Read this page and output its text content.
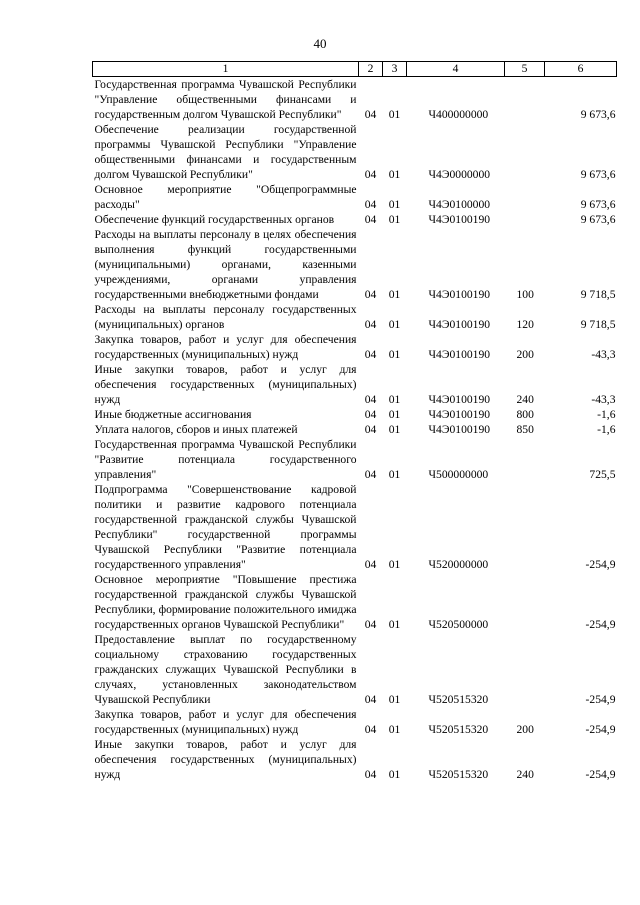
40
1	2	3	4	5	6
Государственная программа Чувашской Республики "Управление общественными финансами и государственным долгом Чувашской Республики"	04	01	Ч400000000		9 673,6
Обеспечение реализации государственной программы Чувашской Республики "Управление общественными финансами и государственным долгом Чувашской Республики"	04	01	Ч4Э0000000		9 673,6
Основное мероприятие "Общепрограммные расходы"	04	01	Ч4Э0100000		9 673,6
Обеспечение функций государственных органов	04	01	Ч4Э0100190		9 673,6
Расходы на выплаты персоналу в целях обеспечения выполнения функций государственными (муниципальными) органами, казенными учреждениями, органами управления государственными внебюджетными фондами	04	01	Ч4Э0100190	100	9 718,5
Расходы на выплаты персоналу государственных (муниципальных) органов	04	01	Ч4Э0100190	120	9 718,5
Закупка товаров, работ и услуг для обеспечения государственных (муниципальных) нужд	04	01	Ч4Э0100190	200	-43,3
Иные закупки товаров, работ и услуг для обеспечения государственных (муниципальных) нужд	04	01	Ч4Э0100190	240	-43,3
Иные бюджетные ассигнования	04	01	Ч4Э0100190	800	-1,6
Уплата налогов, сборов и иных платежей	04	01	Ч4Э0100190	850	-1,6
Государственная программа Чувашской Республики "Развитие потенциала государственного управления"	04	01	Ч500000000		725,5
Подпрограмма "Совершенствование кадровой политики и развитие кадрового потенциала государственной гражданской службы Чувашской Республики" государственной программы Чувашской Республики "Развитие потенциала государственного управления"	04	01	Ч520000000		-254,9
Основное мероприятие "Повышение престижа государственной гражданской службы Чувашской Республики, формирование положительного имиджа государственных органов Чувашской Республики"	04	01	Ч520500000		-254,9
Предоставление выплат по государственному социальному страхованию государственных гражданских служащих Чувашской Республики в случаях, установленных законодательством Чувашской Республики	04	01	Ч520515320		-254,9
Закупка товаров, работ и услуг для обеспечения государственных (муниципальных) нужд	04	01	Ч520515320	200	-254,9
Иные закупки товаров, работ и услуг для обеспечения государственных (муниципальных) нужд	04	01	Ч520515320	240	-254,9
